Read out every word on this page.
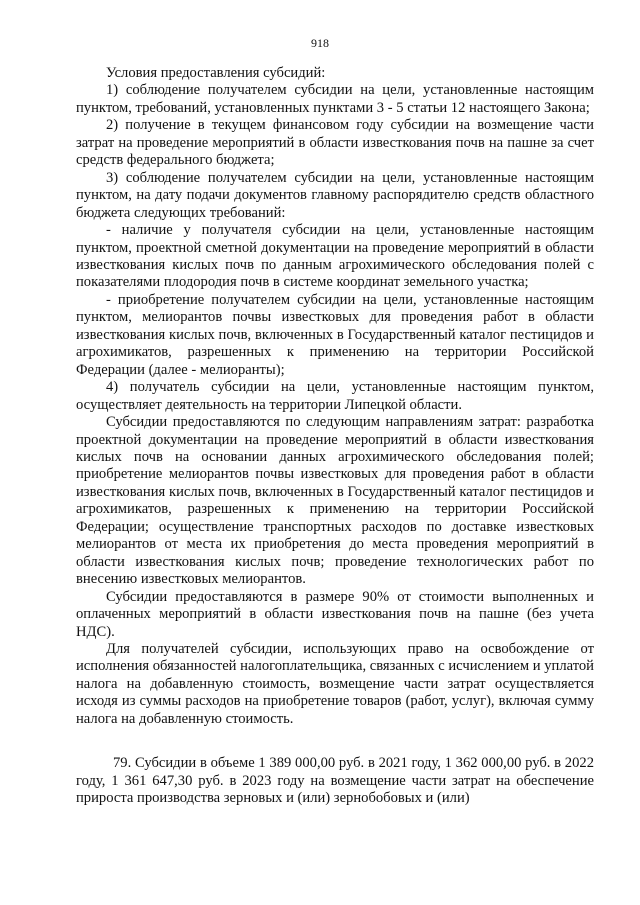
918

Условия предоставления субсидий:

1) соблюдение получателем субсидии на цели, установленные настоящим пунктом, требований, установленных пунктами 3 - 5 статьи 12 настоящего Закона;

2) получение в текущем финансовом году субсидии на возмещение части затрат на проведение мероприятий в области известкования почв на пашне за счет средств федерального бюджета;

3) соблюдение получателем субсидии на цели, установленные настоящим пунктом, на дату подачи документов главному распорядителю средств областного бюджета следующих требований:

- наличие у получателя субсидии на цели, установленные настоящим пунктом, проектной сметной документации на проведение мероприятий в области известкования кислых почв по данным агрохимического обследования полей с показателями плодородия почв в системе координат земельного участка;

- приобретение получателем субсидии на цели, установленные настоящим пунктом, мелиорантов почвы известковых для проведения работ в области известкования кислых почв, включенных в Государственный каталог пестицидов и агрохимикатов, разрешенных к применению на территории Российской Федерации (далее - мелиоранты);

4) получатель субсидии на цели, установленные настоящим пунктом, осуществляет деятельность на территории Липецкой области.

Субсидии предоставляются по следующим направлениям затрат: разработка проектной документации на проведение мероприятий в области известкования кислых почв на основании данных агрохимического обследования полей; приобретение мелиорантов почвы известковых для проведения работ в области известкования кислых почв, включенных в Государственный каталог пестицидов и агрохимикатов, разрешенных к применению на территории Российской Федерации; осуществление транспортных расходов по доставке известковых мелиорантов от места их приобретения до места проведения мероприятий в области известкования кислых почв; проведение технологических работ по внесению известковых мелиорантов.

Субсидии предоставляются в размере 90% от стоимости выполненных и оплаченных мероприятий в области известкования почв на пашне (без учета НДС).

Для получателей субсидии, использующих право на освобождение от исполнения обязанностей налогоплательщика, связанных с исчислением и уплатой налога на добавленную стоимость, возмещение части затрат осуществляется исходя из суммы расходов на приобретение товаров (работ, услуг), включая сумму налога на добавленную стоимость.

79. Субсидии в объеме 1 389 000,00 руб. в 2021 году, 1 362 000,00 руб. в 2022 году, 1 361 647,30 руб. в 2023 году на возмещение части затрат на обеспечение прироста производства зерновых и (или) зернобобовых и (или)
